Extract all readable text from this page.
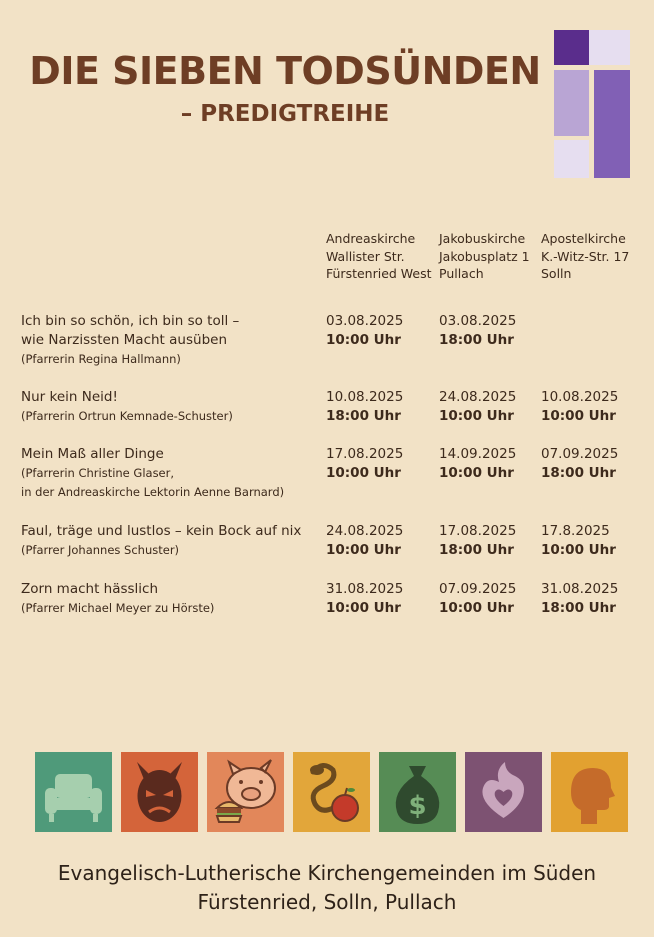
DIE SIEBEN TODSÜNDEN
– PREDIGTREIHE
Andreaskirche
Wallister Str.
Fürstenried West
Jakobuskirche
Jakobusplatz 1
Pullach
Apostelkirche
K.-Witz-Str. 17
Solln
Ich bin so schön, ich bin so toll –
wie Narzissten Macht ausüben
(Pfarrerin Regina Hallmann)
03.08.2025
10:00 Uhr
03.08.2025
18:00 Uhr
Nur kein Neid!
(Pfarrerin Ortrun Kemnade-Schuster)
10.08.2025
18:00 Uhr
24.08.2025
10:00 Uhr
10.08.2025
10:00 Uhr
Mein Maß aller Dinge
(Pfarrerin Christine Glaser,
in der Andreaskirche Lektorin Aenne Barnard)
17.08.2025
10:00 Uhr
14.09.2025
10:00 Uhr
07.09.2025
18:00 Uhr
Faul, träge und lustlos – kein Bock auf nix
(Pfarrer Johannes Schuster)
24.08.2025
10:00 Uhr
17.08.2025
18:00 Uhr
17.8.2025
10:00 Uhr
Zorn macht hässlich
(Pfarrer Michael Meyer zu Hörste)
31.08.2025
10:00 Uhr
07.09.2025
10:00 Uhr
31.08.2025
18:00 Uhr
$
Evangelisch-Lutherische Kirchengemeinden im Süden
Fürstenried, Solln, Pullach
